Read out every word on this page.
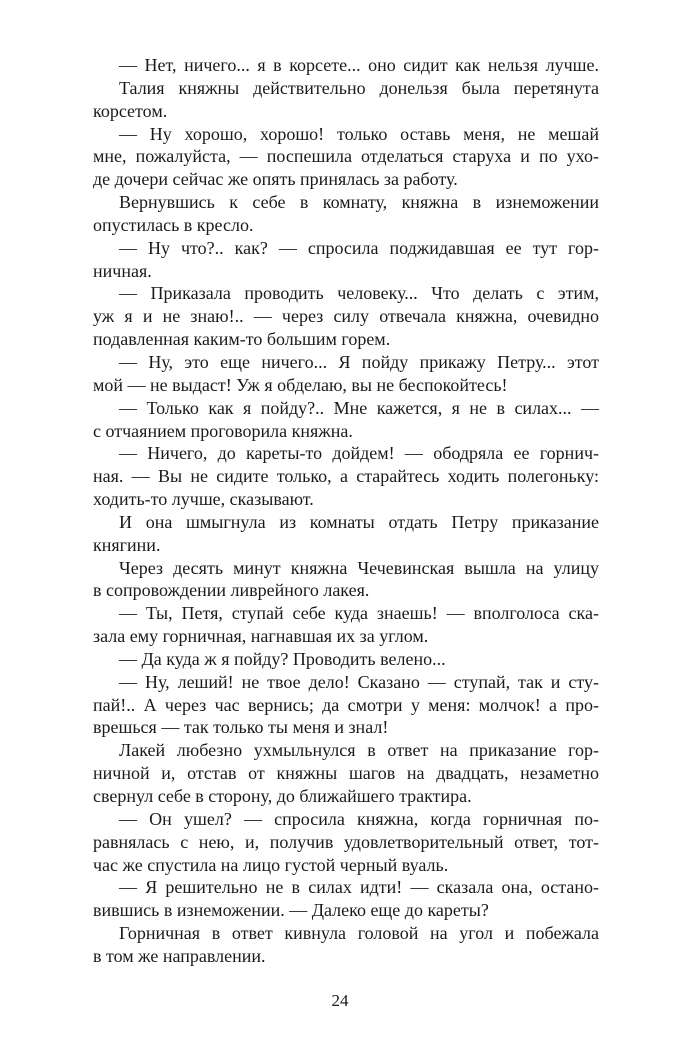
— Нет, ничего... я в корсете... оно сидит как нельзя лучше.
Талия княжны действительно донельзя была перетянута
корсетом.
— Ну хорошо, хорошо! только оставь меня, не мешай
мне, пожалуйста, — поспешила отделаться старуха и по ухо-
де дочери сейчас же опять принялась за работу.
Вернувшись к себе в комнату, княжна в изнеможении
опустилась в кресло.
— Ну что?.. как? — спросила поджидавшая ее тут гор-
ничная.
— Приказала проводить человеку... Что делать с этим,
уж я и не знаю!.. — через силу отвечала княжна, очевидно
подавленная каким-то большим горем.
— Ну, это еще ничего... Я пойду прикажу Петру... этот
мой — не выдаст! Уж я обделаю, вы не беспокойтесь!
— Только как я пойду?.. Мне кажется, я не в силах... —
с отчаянием проговорила княжна.
— Ничего, до кареты-то дойдем! — ободряла ее горнич-
ная. — Вы не сидите только, а старайтесь ходить полегоньку:
ходить-то лучше, сказывают.
И она шмыгнула из комнаты отдать Петру приказание
княгини.
Через десять минут княжна Чечевинская вышла на улицу
в сопровождении ливрейного лакея.
— Ты, Петя, ступай себе куда знаешь! — вполголоса ска-
зала ему горничная, нагнавшая их за углом.
— Да куда ж я пойду? Проводить велено...
— Ну, леший! не твое дело! Сказано — ступай, так и сту-
пай!.. А через час вернись; да смотри у меня: молчок! а про-
врешься — так только ты меня и знал!
Лакей любезно ухмыльнулся в ответ на приказание гор-
ничной и, отстав от княжны шагов на двадцать, незаметно
свернул себе в сторону, до ближайшего трактира.
— Он ушел? — спросила княжна, когда горничная по-
равнялась с нею, и, получив удовлетворительный ответ, тот-
час же спустила на лицо густой черный вуаль.
— Я решительно не в силах идти! — сказала она, остано-
вившись в изнеможении. — Далеко еще до кареты?
Горничная в ответ кивнула головой на угол и побежала
в том же направлении.
24
